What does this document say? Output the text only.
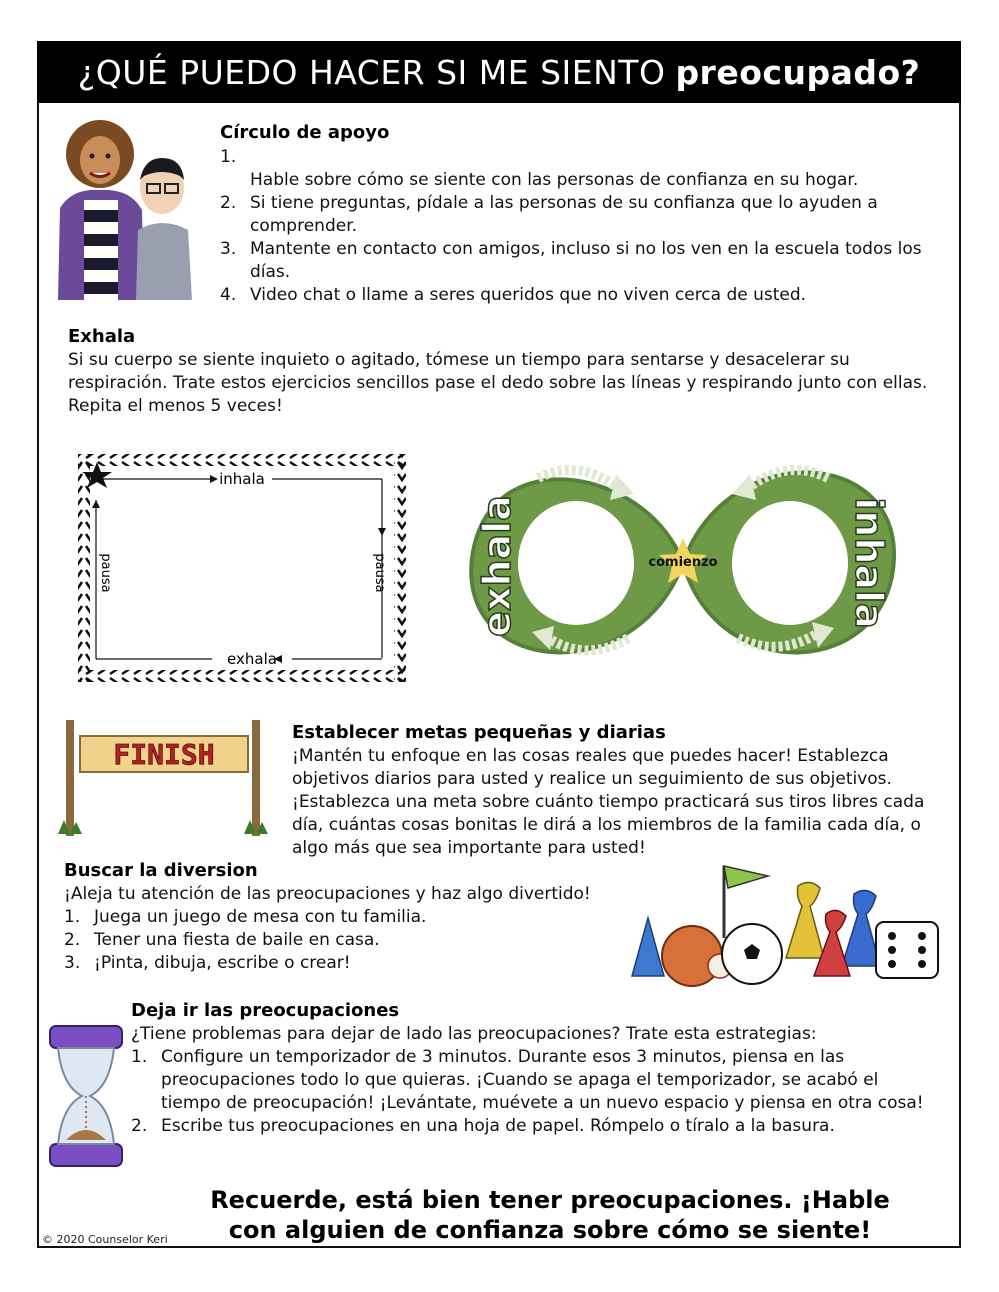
¿QUÉ PUEDO HACER SI ME SIENTO preocupado?
Círculo de apoyo
1.

Hable sobre cómo se siente con las personas de confianza en su hogar.
2. Si tiene preguntas, pídale a las personas de su confianza que lo ayuden a comprender.
3. Mantente en contacto con amigos, incluso si no los ven en la escuela todos los días.
4. Video chat o llame a seres queridos que no viven cerca de usted.
Exhala
Si su cuerpo se siente inquieto o agitado, tómese un tiempo para sentarse y desacelerar su respiración. Trate estos ejercicios sencillos pase el dedo sobre las líneas y respirando junto con ellas. Repita el menos 5 veces!
inhala
exhala
pausa	pausa	comienzo
exhala	inhala
FINISH
Establecer metas pequeñas y diarias
¡Mantén tu enfoque en las cosas reales que puedes hacer! Establezca objetivos diarios para usted y realice un seguimiento de sus objetivos. ¡Establezca una meta sobre cuánto tiempo practicará sus tiros libres cada día, cuántas cosas bonitas le dirá a los miembros de la familia cada día, o algo más que sea importante para usted!
Buscar la diversion
¡Aleja tu atención de las preocupaciones y haz algo divertido!
1. Juega un juego de mesa con tu familia.
2. Tener una fiesta de baile en casa.
3. ¡Pinta, dibuja, escribe o crear!
Deja ir las preocupaciones
¿Tiene problemas para dejar de lado las preocupaciones? Trate esta estrategias:
1. Configure un temporizador de 3 minutos. Durante esos 3 minutos, piensa en las preocupaciones todo lo que quieras. ¡Cuando se apaga el temporizador, se acabó el tiempo de preocupación! ¡Levántate, muévete a un nuevo espacio y piensa en otra cosa!
2. Escribe tus preocupaciones en una hoja de papel. Rómpelo o tíralo a la basura.
Recuerde, está bien tener preocupaciones. ¡Hable con alguien de confianza sobre cómo se siente!
© 2020 Counselor Keri
